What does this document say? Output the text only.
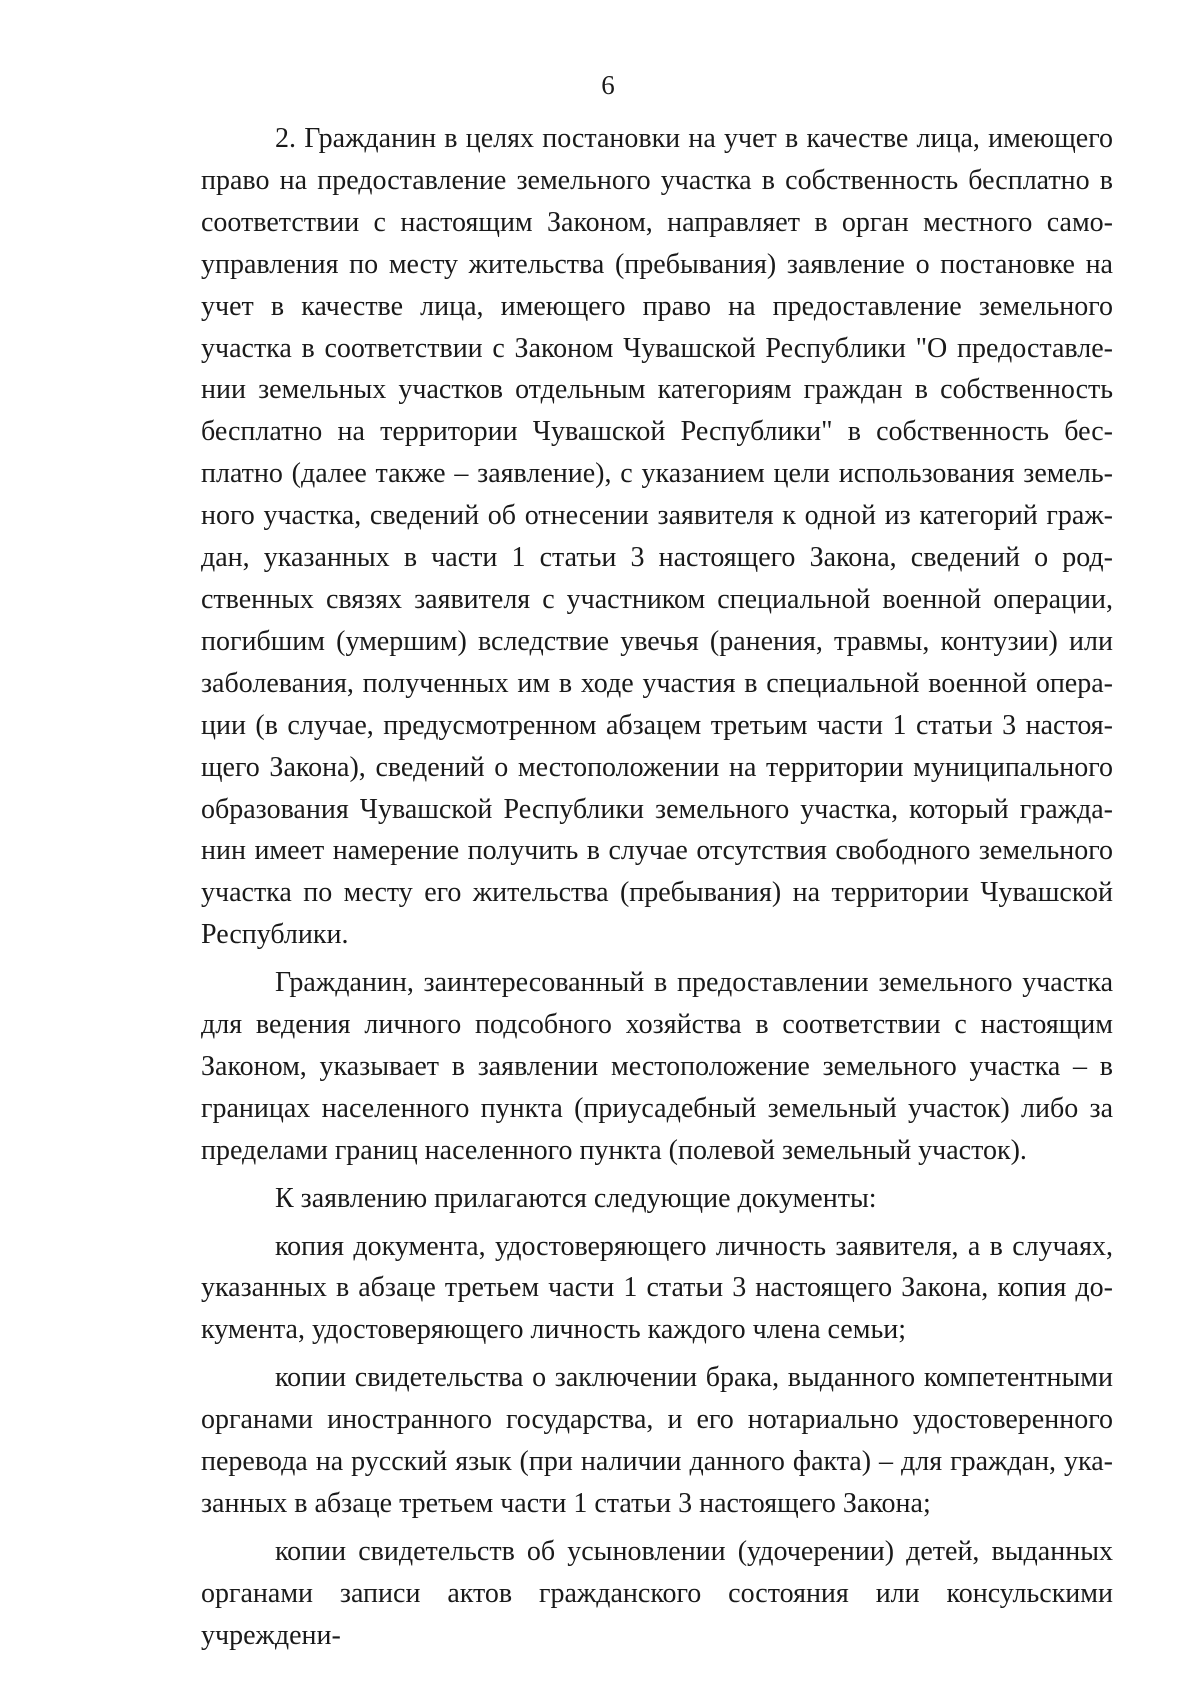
6

2. Гражданин в целях постановки на учет в качестве лица, имеющего право на предоставление земельного участка в собственность бесплатно в соответствии с настоящим Законом, направляет в орган местного самоуправления по месту жительства (пребывания) заявление о постановке на учет в качестве лица, имеющего право на предоставление земельного участка в соответствии с Законом Чувашской Республики "О предоставлении земельных участков отдельным категориям граждан в собственность бесплатно на территории Чувашской Республики" в собственность бесплатно (далее также – заявление), с указанием цели использования земельного участка, сведений об отнесении заявителя к одной из категорий граждан, указанных в части 1 статьи 3 настоящего Закона, сведений о родственных связях заявителя с участником специальной военной операции, погибшим (умершим) вследствие увечья (ранения, травмы, контузии) или заболевания, полученных им в ходе участия в специальной военной операции (в случае, предусмотренном абзацем третьим части 1 статьи 3 настоящего Закона), сведений о местоположении на территории муниципального образования Чувашской Республики земельного участка, который гражданин имеет намерение получить в случае отсутствия свободного земельного участка по месту его жительства (пребывания) на территории Чувашской Республики.

Гражданин, заинтересованный в предоставлении земельного участка для ведения личного подсобного хозяйства в соответствии с настоящим Законом, указывает в заявлении местоположение земельного участка – в границах населенного пункта (приусадебный земельный участок) либо за пределами границ населенного пункта (полевой земельный участок).

К заявлению прилагаются следующие документы:

копия документа, удостоверяющего личность заявителя, а в случаях, указанных в абзаце третьем части 1 статьи 3 настоящего Закона, копия документа, удостоверяющего личность каждого члена семьи;

копии свидетельства о заключении брака, выданного компетентными органами иностранного государства, и его нотариально удостоверенного перевода на русский язык (при наличии данного факта) – для граждан, указанных в абзаце третьем части 1 статьи 3 настоящего Закона;

копии свидетельств об усыновлении (удочерении) детей, выданных органами записи актов гражданского состояния или консульскими учреждени-
